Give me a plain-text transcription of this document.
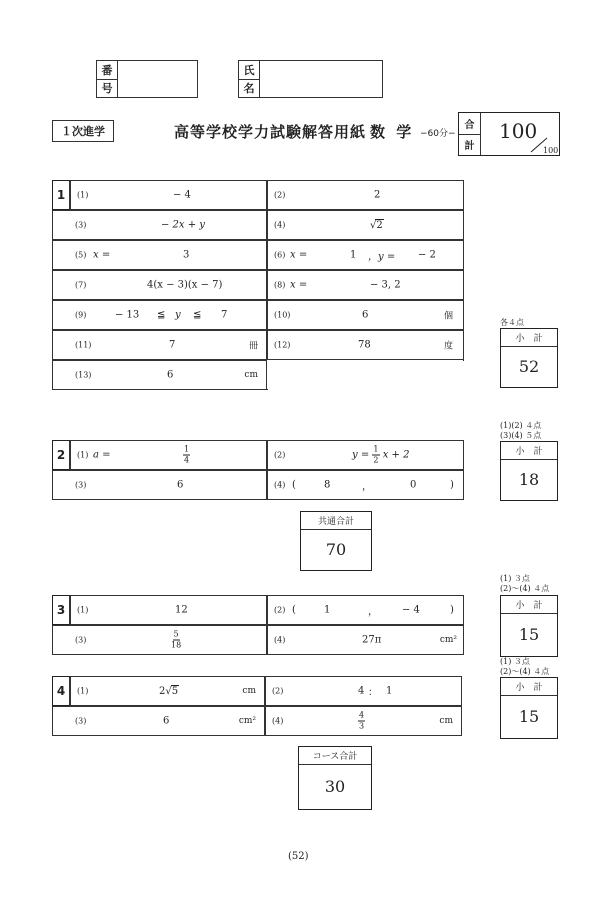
番
号
氏
名
１次進学	高等学校学力試験解答用紙 数 学 −60分−
合
計
100
100
1	(1)	− 4	(2)	2
(3)	− 2x + y	(4)	√2
(5) x =	3	(6) x =	1 ，y = − 2
(7)	4(x − 3)(x − 7)	(8) x =	− 3, 2
(9)	− 13 ≦ y ≦ 7	(10)	6	個
(11)	7	冊 (12)	78	度
(13)	6	cm
各４点
小　計
52
2	(1) a =	$\frac{1}{4}$	(2)	$y = \frac{1}{2}$ x + 2
(3)	6	(4) (	8	，	0	)
(1)(2) ４点
(3)(4) ５点
小　計
18
共通合計
70
3	(1)	12	(2) (	1	， − 4	)
(3)	$\frac{5}{18}$	(4)	27π	cm²
(1) ３点
(2)〜(4) ４点
小　計
15
4	(1)	2√5	cm (2)	4 ： 1
(3)	6	cm² (4)	$\frac{4}{3}$	cm
(1) ３点
(2)〜(4) ４点
小　計
15
コース合計
30
(52)
